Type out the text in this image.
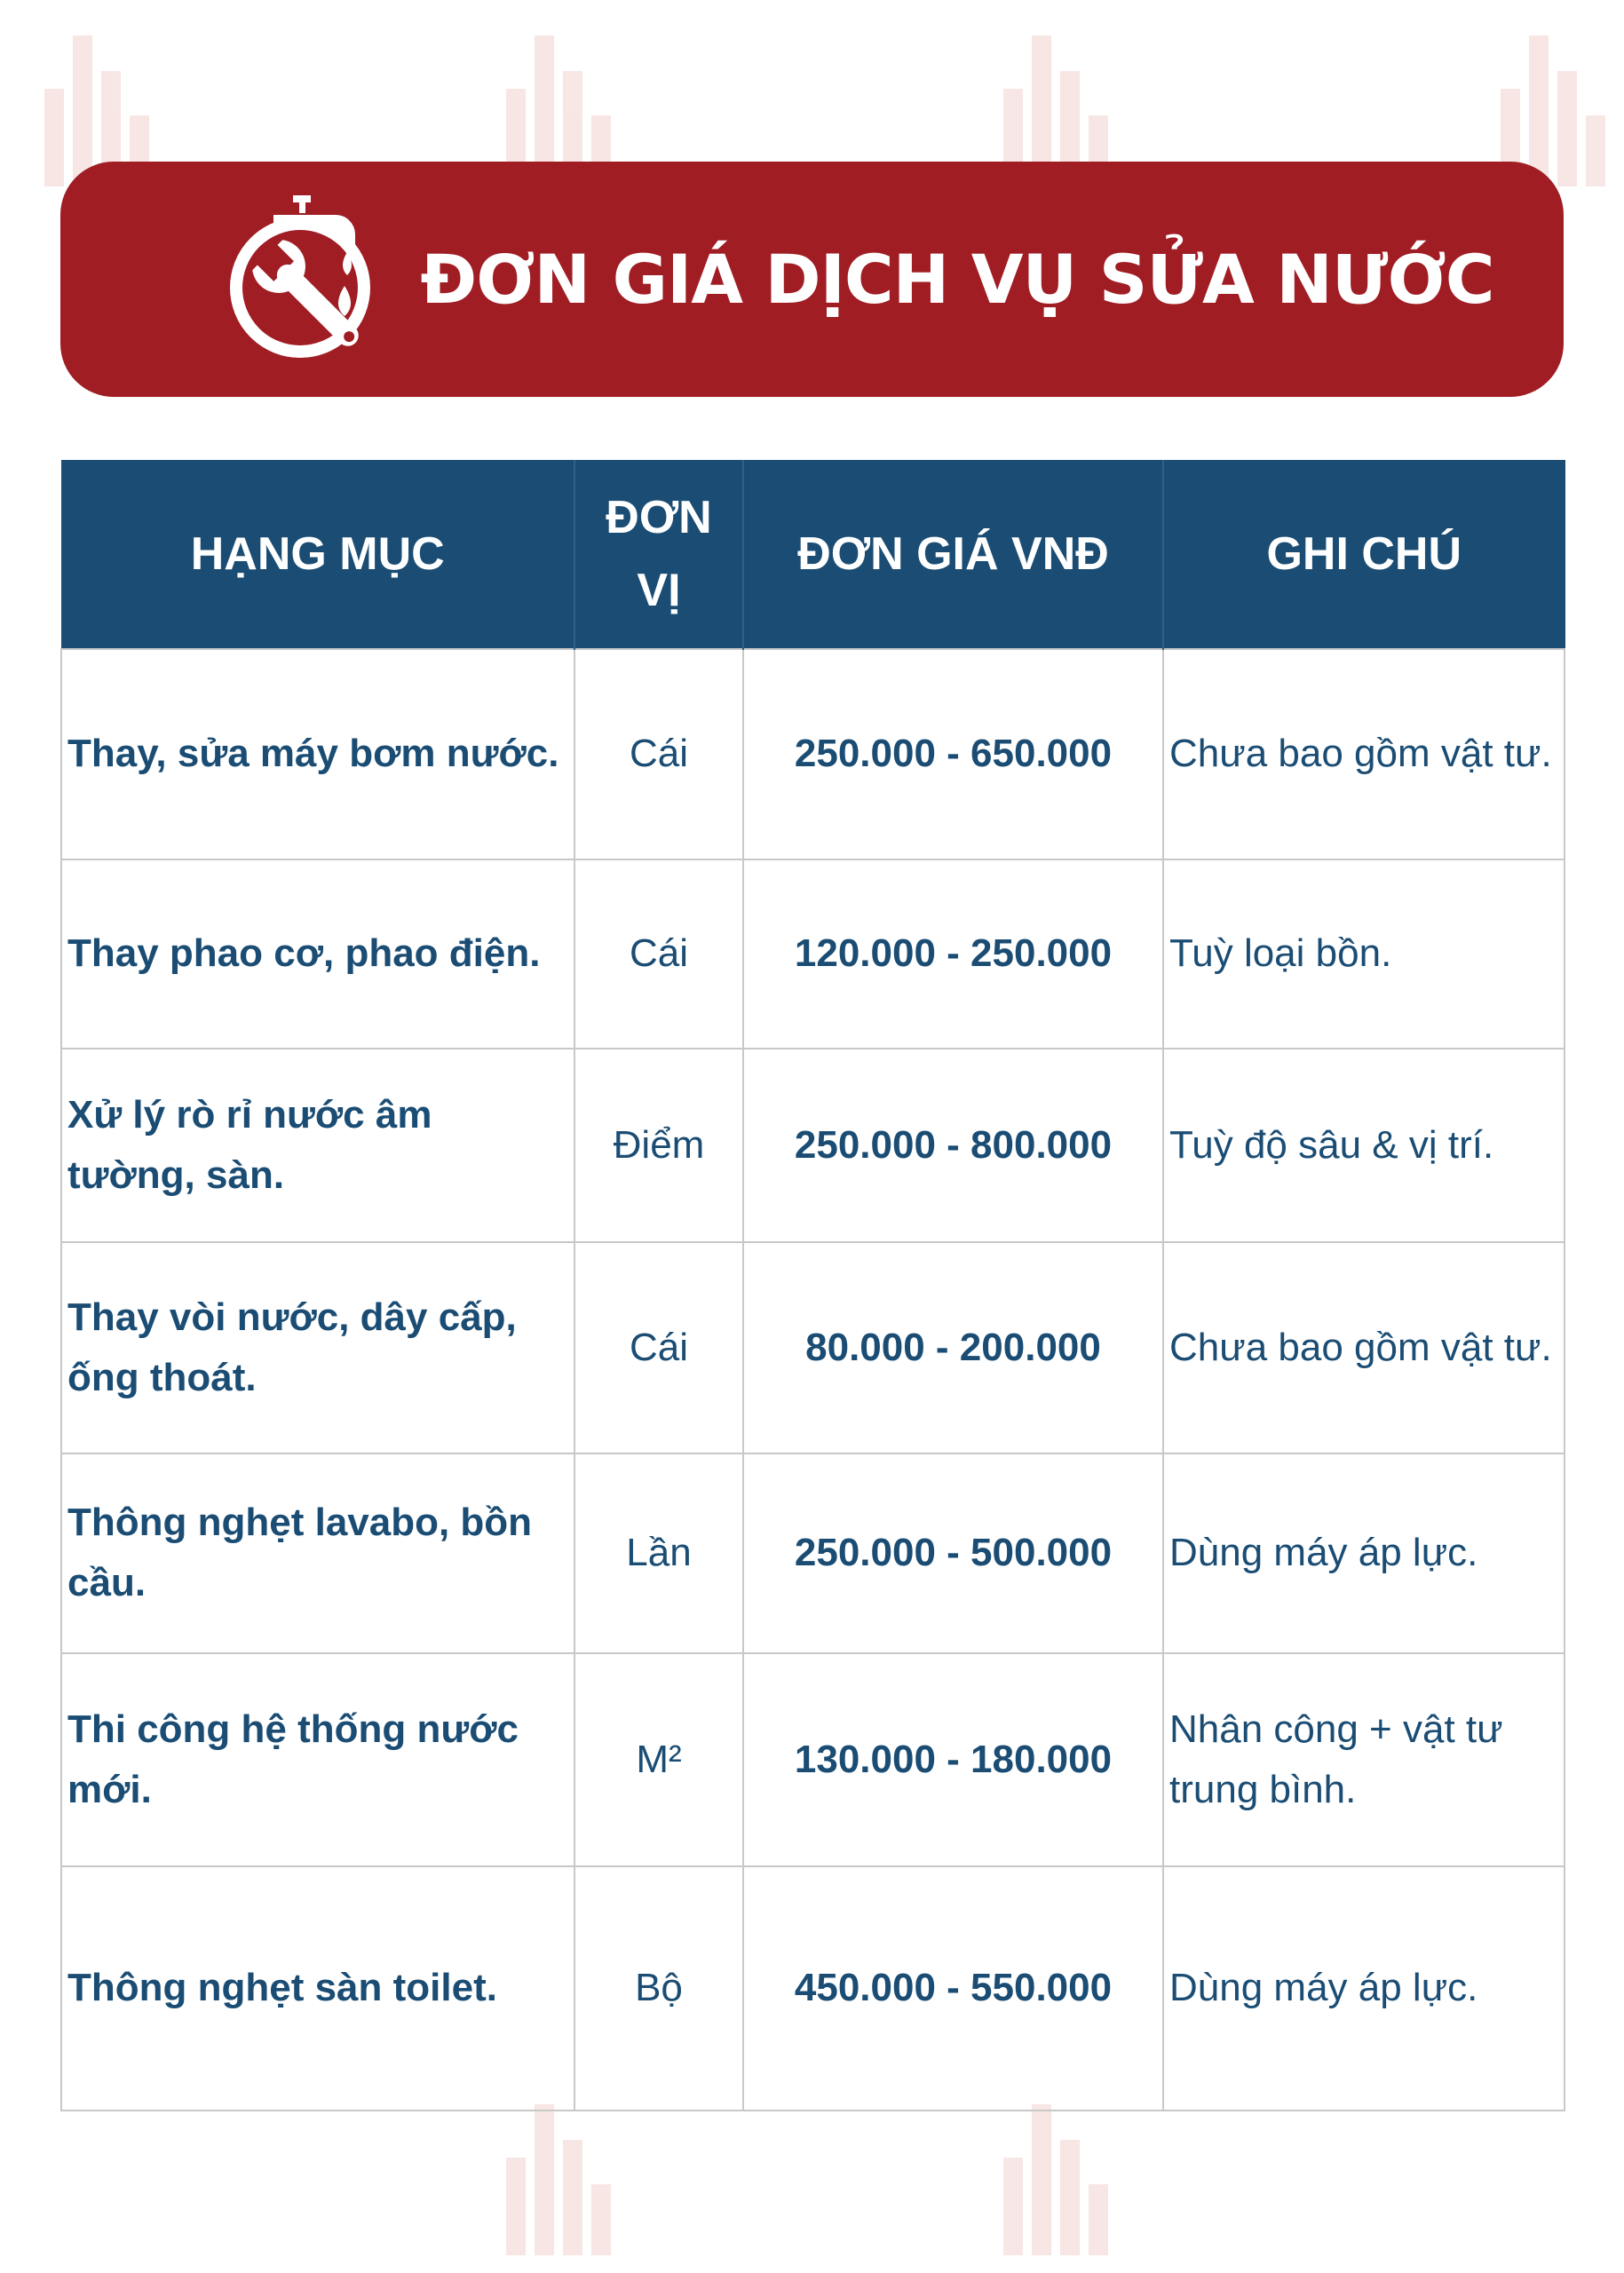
ĐƠN GIÁ DỊCH VỤ SỬA NƯỚC
HẠNG MỤC	ĐƠN VỊ	ĐƠN GIÁ VNĐ	GHI CHÚ
Thay, sửa máy bơm nước.	Cái	250.000 - 650.000	Chưa bao gồm vật tư.
Thay phao cơ, phao điện.	Cái	120.000 - 250.000	Tuỳ loại bồn.
Xử lý rò rỉ nước âm tường, sàn.	Điểm	250.000 - 800.000	Tuỳ độ sâu & vị trí.
Thay vòi nước, dây cấp, ống thoát.	Cái	80.000 - 200.000	Chưa bao gồm vật tư.
Thông nghẹt lavabo, bồn cầu.	Lần	250.000 - 500.000	Dùng máy áp lực.
Thi công hệ thống nước mới.	M²	130.000 - 180.000	Nhân công + vật tư trung bình.
Thông nghẹt sàn toilet.	Bộ	450.000 - 550.000	Dùng máy áp lực.
